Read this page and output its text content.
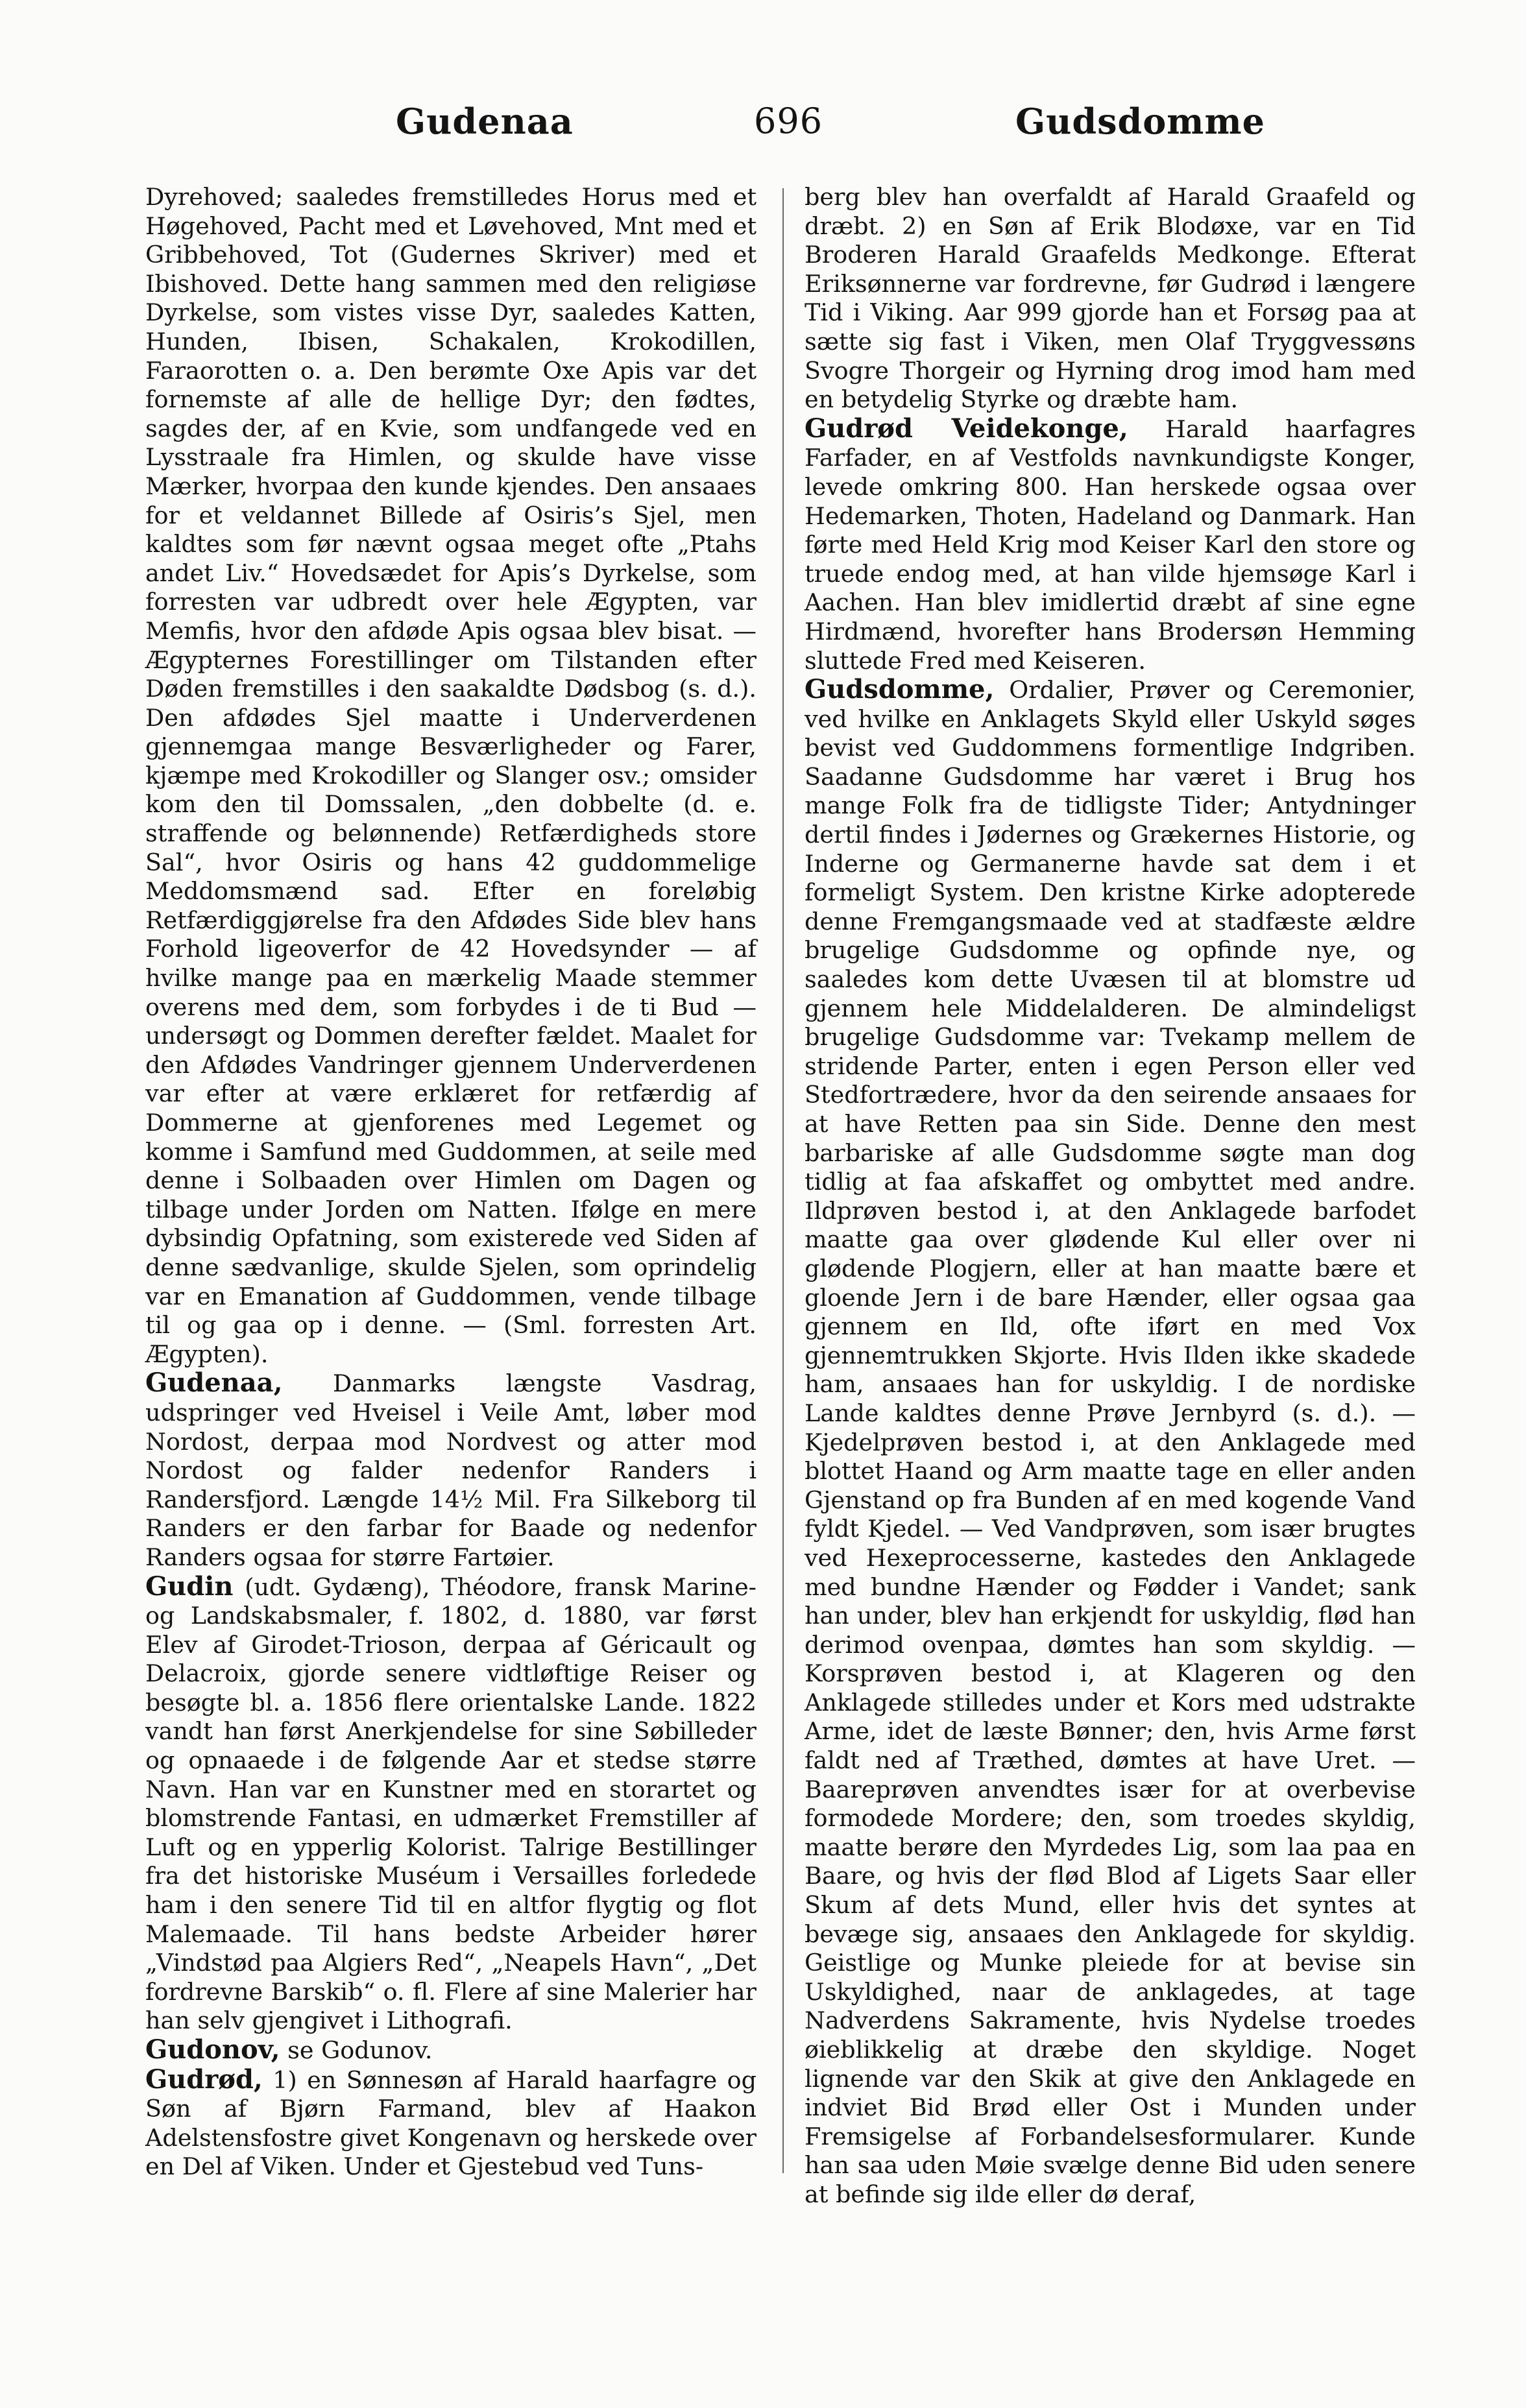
Gudenaa	696	Gudsdomme

Dyrehoved; saaledes fremstilledes Horus med et Høgehoved, Pacht med et Løvehoved, Mnt med et Gribbehoved, Tot (Gudernes Skriver) med et Ibishoved. Dette hang sammen med den religiøse Dyrkelse, som vistes visse Dyr, saaledes Katten, Hunden, Ibisen, Schakalen, Krokodillen, Faraorotten o. a. Den berømte Oxe Apis var det fornemste af alle de hellige Dyr; den fødtes, sagdes der, af en Kvie, som undfangede ved en Lysstraale fra Himlen, og skulde have visse Mærker, hvorpaa den kunde kjendes. Den ansaaes for et veldannet Billede af Osiris’s Sjel, men kaldtes som før nævnt ogsaa meget ofte „Ptahs andet Liv.“ Hovedsædet for Apis’s Dyrkelse, som forresten var udbredt over hele Ægypten, var Memfis, hvor den afdøde Apis ogsaa blev bisat. — Ægypternes Forestillinger om Tilstanden efter Døden fremstilles i den saakaldte Dødsbog (s. d.). Den afdødes Sjel maatte i Underverdenen gjennemgaa mange Besværligheder og Farer, kjæmpe med Krokodiller og Slanger osv.; omsider kom den til Domssalen, „den dobbelte (d. e. straffende og belønnende) Retfærdigheds store Sal“, hvor Osiris og hans 42 guddommelige Meddomsmænd sad. Efter en foreløbig Retfærdiggjørelse fra den Afdødes Side blev hans Forhold ligeoverfor de 42 Hovedsynder — af hvilke mange paa en mærkelig Maade stemmer overens med dem, som forbydes i de ti Bud — undersøgt og Dommen derefter fældet. Maalet for den Afdødes Vandringer gjennem Underverdenen var efter at være erklæret for retfærdig af Dommerne at gjenforenes med Legemet og komme i Samfund med Guddommen, at seile med denne i Solbaaden over Himlen om Dagen og tilbage under Jorden om Natten. Ifølge en mere dybsindig Opfatning, som existerede ved Siden af denne sædvanlige, skulde Sjelen, som oprindelig var en Emanation af Guddommen, vende tilbage til og gaa op i denne. — (Sml. forresten Art. Ægypten).

Gudenaa, Danmarks længste Vasdrag, udspringer ved Hveisel i Veile Amt, løber mod Nordost, derpaa mod Nordvest og atter mod Nordost og falder nedenfor Randers i Randersfjord. Længde 14½ Mil. Fra Silkeborg til Randers er den farbar for Baade og nedenfor Randers ogsaa for større Fartøier.

Gudin (udt. Gydæng), Théodore, fransk Marine- og Landskabsmaler, f. 1802, d. 1880, var først Elev af Girodet-Trioson, derpaa af Géricault og Delacroix, gjorde senere vidtløftige Reiser og besøgte bl. a. 1856 flere orientalske Lande. 1822 vandt han først Anerkjendelse for sine Søbilleder og opnaaede i de følgende Aar et stedse større Navn. Han var en Kunstner med en storartet og blomstrende Fantasi, en udmærket Fremstiller af Luft og en ypperlig Kolorist. Talrige Bestillinger fra det historiske Muséum i Versailles forledede ham i den senere Tid til en altfor flygtig og flot Malemaade. Til hans bedste Arbeider hører „Vindstød paa Algiers Red“, „Neapels Havn“, „Det fordrevne Barskib“ o. fl. Flere af sine Malerier har han selv gjengivet i Lithografi.

Gudonov, se Godunov.

Gudrød, 1) en Sønnesøn af Harald haarfagre og Søn af Bjørn Farmand, blev af Haakon Adelstensfostre givet Kongenavn og herskede over en Del af Viken. Under et Gjestebud ved Tuns-

berg blev han overfaldt af Harald Graafeld og dræbt. 2) en Søn af Erik Blodøxe, var en Tid Broderen Harald Graafelds Medkonge. Efterat Eriksønnerne var fordrevne, før Gudrød i længere Tid i Viking. Aar 999 gjorde han et Forsøg paa at sætte sig fast i Viken, men Olaf Tryggvessøns Svogre Thorgeir og Hyrning drog imod ham med en betydelig Styrke og dræbte ham.

Gudrød Veidekonge, Harald haarfagres Farfader, en af Vestfolds navnkundigste Konger, levede omkring 800. Han herskede ogsaa over Hedemarken, Thoten, Hadeland og Danmark. Han førte med Held Krig mod Keiser Karl den store og truede endog med, at han vilde hjemsøge Karl i Aachen. Han blev imidlertid dræbt af sine egne Hirdmænd, hvorefter hans Brodersøn Hemming sluttede Fred med Keiseren.

Gudsdomme, Ordalier, Prøver og Ceremonier, ved hvilke en Anklagets Skyld eller Uskyld søges bevist ved Guddommens formentlige Indgriben. Saadanne Gudsdomme har været i Brug hos mange Folk fra de tidligste Tider; Antydninger dertil findes i Jødernes og Grækernes Historie, og Inderne og Germanerne havde sat dem i et formeligt System. Den kristne Kirke adopterede denne Fremgangsmaade ved at stadfæste ældre brugelige Gudsdomme og opfinde nye, og saaledes kom dette Uvæsen til at blomstre ud gjennem hele Middelalderen. De almindeligst brugelige Gudsdomme var: Tvekamp mellem de stridende Parter, enten i egen Person eller ved Stedfortrædere, hvor da den seirende ansaaes for at have Retten paa sin Side. Denne den mest barbariske af alle Gudsdomme søgte man dog tidlig at faa afskaffet og ombyttet med andre. Ildprøven bestod i, at den Anklagede barfodet maatte gaa over glødende Kul eller over ni glødende Plogjern, eller at han maatte bære et gloende Jern i de bare Hænder, eller ogsaa gaa gjennem en Ild, ofte iført en med Vox gjennemtrukken Skjorte. Hvis Ilden ikke skadede ham, ansaaes han for uskyldig. I de nordiske Lande kaldtes denne Prøve Jernbyrd (s. d.). — Kjedelprøven bestod i, at den Anklagede med blottet Haand og Arm maatte tage en eller anden Gjenstand op fra Bunden af en med kogende Vand fyldt Kjedel. — Ved Vandprøven, som især brugtes ved Hexeprocesserne, kastedes den Anklagede med bundne Hænder og Fødder i Vandet; sank han under, blev han erkjendt for uskyldig, flød han derimod ovenpaa, dømtes han som skyldig. — Korsprøven bestod i, at Klageren og den Anklagede stilledes under et Kors med udstrakte Arme, idet de læste Bønner; den, hvis Arme først faldt ned af Træthed, dømtes at have Uret. — Baareprøven anvendtes især for at overbevise formodede Mordere; den, som troedes skyldig, maatte berøre den Myrdedes Lig, som laa paa en Baare, og hvis der flød Blod af Ligets Saar eller Skum af dets Mund, eller hvis det syntes at bevæge sig, ansaaes den Anklagede for skyldig. Geistlige og Munke pleiede for at bevise sin Uskyldighed, naar de anklagedes, at tage Nadverdens Sakramente, hvis Nydelse troedes øieblikkelig at dræbe den skyldige. Noget lignende var den Skik at give den Anklagede en indviet Bid Brød eller Ost i Munden under Fremsigelse af Forbandelsesformularer. Kunde han saa uden Møie svælge denne Bid uden senere at befinde sig ilde eller dø deraf,
